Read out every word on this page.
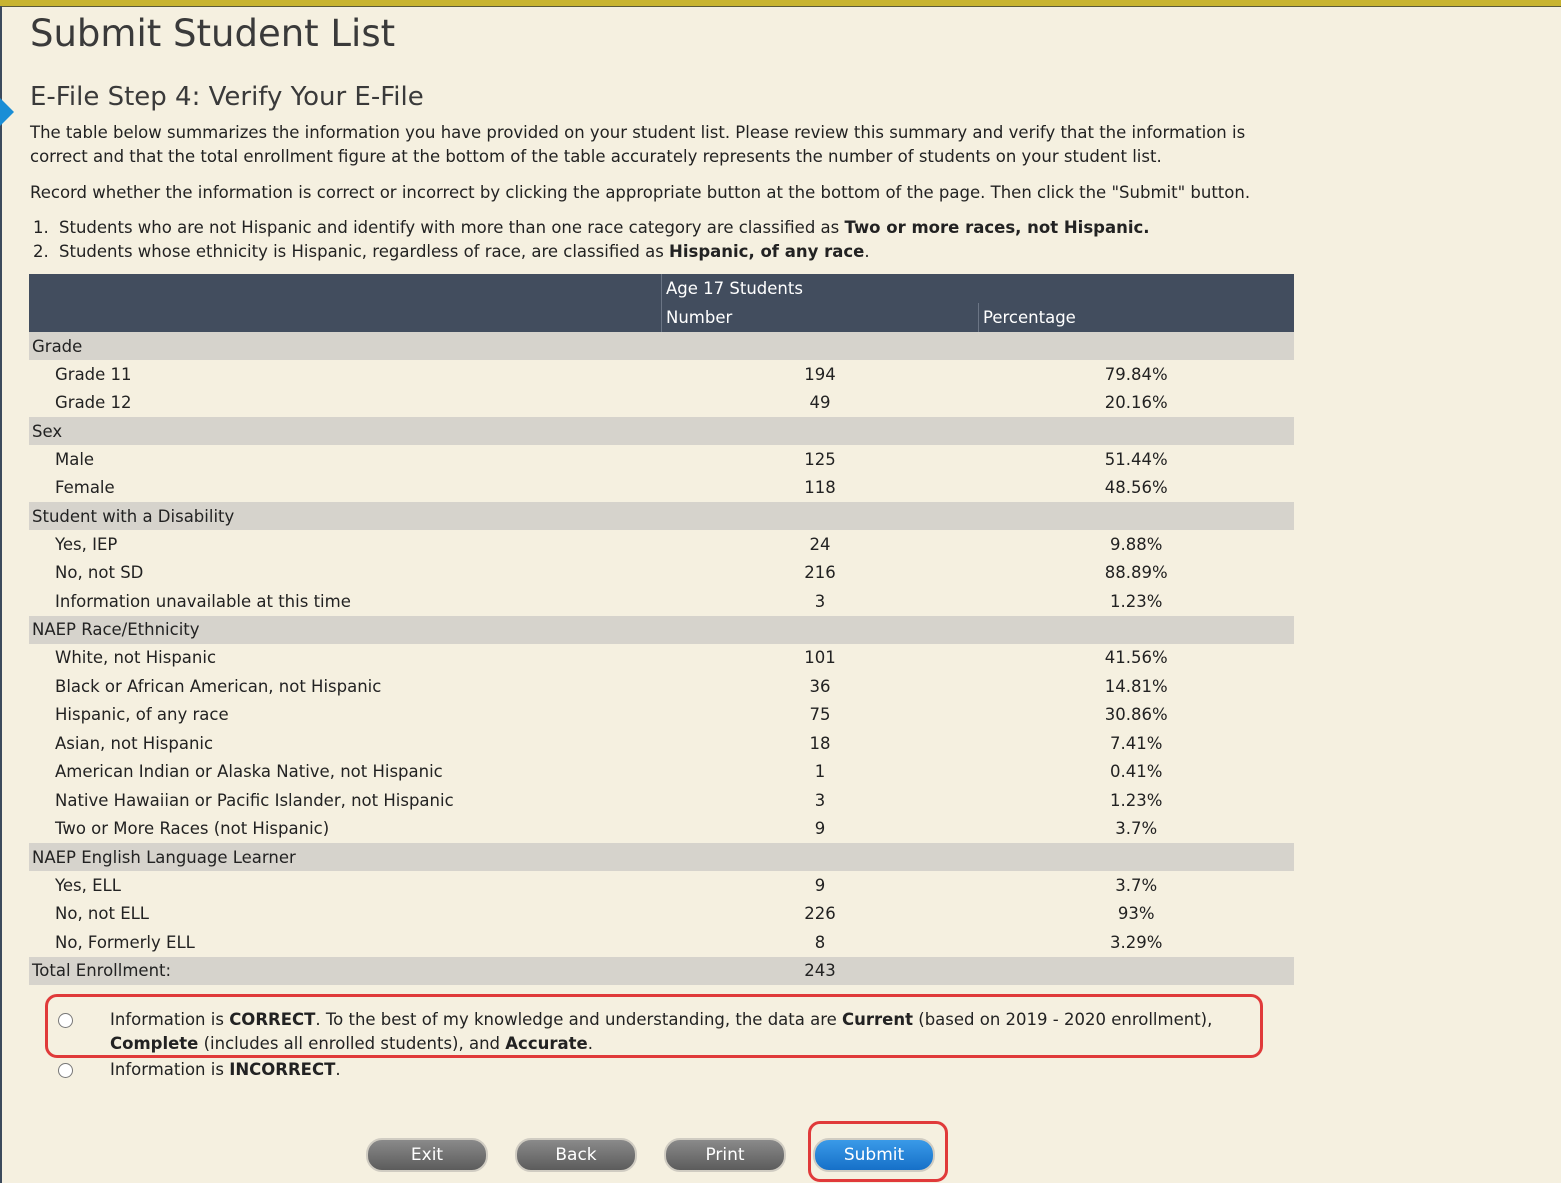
Submit Student List
E-File Step 4: Verify Your E-File

The table below summarizes the information you have provided on your student list. Please review this summary and verify that the information is correct and that the total enrollment figure at the bottom of the table accurately represents the number of students on your student list.

Record whether the information is correct or incorrect by clicking the appropriate button at the bottom of the page. Then click the "Submit" button.

1. Students who are not Hispanic and identify with more than one race category are classified as Two or more races, not Hispanic.
2. Students whose ethnicity is Hispanic, regardless of race, are classified as Hispanic, of any race.
	Age 17 Students	
	Number	Percentage
Grade		
Grade 11	194	79.84%
Grade 12	49	20.16%
Sex		
Male	125	51.44%
Female	118	48.56%
Student with a Disability		
Yes, IEP	24	9.88%
No, not SD	216	88.89%
Information unavailable at this time	3	1.23%
NAEP Race/Ethnicity		
White, not Hispanic	101	41.56%
Black or African American, not Hispanic	36	14.81%
Hispanic, of any race	75	30.86%
Asian, not Hispanic	18	7.41%
American Indian or Alaska Native, not Hispanic	1	0.41%
Native Hawaiian or Pacific Islander, not Hispanic	3	1.23%
Two or More Races (not Hispanic)	9	3.7%
NAEP English Language Learner		
Yes, ELL	9	3.7%
No, not ELL	226	93%
No, Formerly ELL	8	3.29%
Total Enrollment:	243	
Information is CORRECT. To the best of my knowledge and understanding, the data are Current (based on 2019 - 2020 enrollment), Complete (includes all enrolled students), and Accurate.
Information is INCORRECT.
Exit	Back	Print	Submit
